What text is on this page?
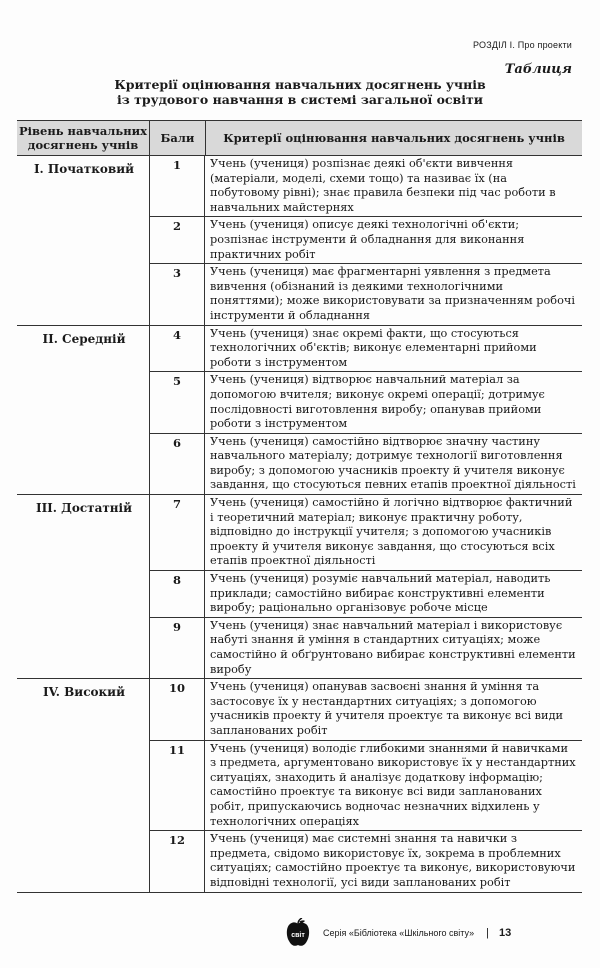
РОЗДІЛ І. Про проекти
Таблиця
Критерії оцінювання навчальних досягнень учнів
із трудового навчання в системі загальної освіти
Рівень навчальних досягнень учнів	Бали	Критерії оцінювання навчальних досягнень учнів
І. Початковий	1	Учень (учениця) розпізнає деякі об'єкти вивчення (матеріали, моделі, схеми тощо) та називає їх (на побутовому рівні); знає правила безпеки під час роботи в навчальних майстернях
2	Учень (учениця) описує деякі технологічні об'єкти; розпізнає інструменти й обладнання для виконання практичних робіт
3	Учень (учениця) має фрагментарні уявлення з предмета вивчення (обізнаний із деякими технологічними поняттями); може використовувати за призначенням робочі інструменти й обладнання
ІІ. Середній	4	Учень (учениця) знає окремі факти, що стосуються технологічних об'єктів; виконує елементарні прийоми роботи з інструментом
5	Учень (учениця) відтворює навчальний матеріал за допомогою вчителя; виконує окремі операції; дотримує послідовності виготовлення виробу; опанував прийоми роботи з інструментом
6	Учень (учениця) самостійно відтворює значну частину навчального матеріалу; дотримує технології виготовлення виробу; з допомогою учасників проекту й учителя виконує завдання, що стосуються певних етапів проектної діяльності
ІІІ. Достатній	7	Учень (учениця) самостійно й логічно відтворює фактичний і теоретичний матеріал; виконує практичну роботу, відповідно до інструкції учителя; з допомогою учасників проекту й учителя виконує завдання, що стосуються всіх етапів проектної діяльності
8	Учень (учениця) розуміє навчальний матеріал, наводить приклади; самостійно вибирає конструктивні елементи виробу; раціонально організовує робоче місце
9	Учень (учениця) знає навчальний матеріал і використовує набуті знання й уміння в стандартних ситуаціях; може самостійно й обґрунтовано вибирає конструктивні елементи виробу
IV. Високий	10	Учень (учениця) опанував засвоєні знання й уміння та застосовує їх у нестандартних ситуаціях; з допомогою учасників проекту й учителя проектує та виконує всі види запланованих робіт
11	Учень (учениця) володіє глибокими знаннями й навичками з предмета, аргументовано використовує їх у нестандартних ситуаціях, знаходить й аналізує додаткову інформацію; самостійно проектує та виконує всі види запланованих робіт, припускаючись водночас незначних відхилень у технологічних операціях
12	Учень (учениця) має системні знання та навички з предмета, свідомо використовує їх, зокрема в проблемних ситуаціях; самостійно проектує та виконує, використовуючи відповідні технології, усі види запланованих робіт
світ Серія «Бібліотека «Шкільного світу» | 13
